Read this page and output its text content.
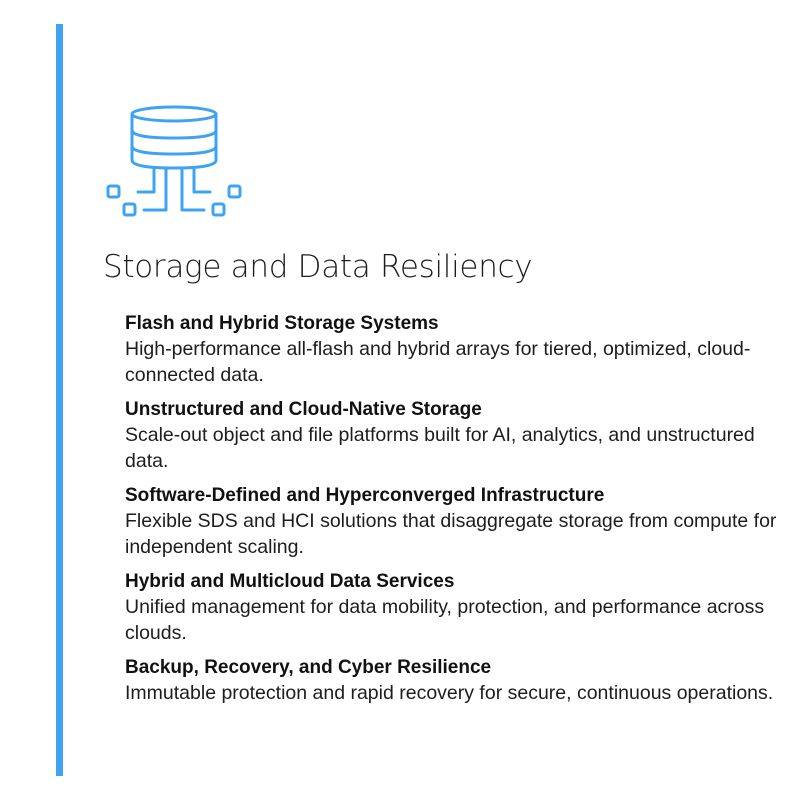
Storage and Data Resiliency

Flash and Hybrid Storage Systems

High-performance all-flash and hybrid arrays for tiered, optimized, cloud-connected data.

Unstructured and Cloud-Native Storage

Scale-out object and file platforms built for AI, analytics, and unstructured data.

Software-Defined and Hyperconverged Infrastructure

Flexible SDS and HCI solutions that disaggregate storage from compute for independent scaling.

Hybrid and Multicloud Data Services

Unified management for data mobility, protection, and performance across clouds.

Backup, Recovery, and Cyber Resilience

Immutable protection and rapid recovery for secure, continuous operations.
